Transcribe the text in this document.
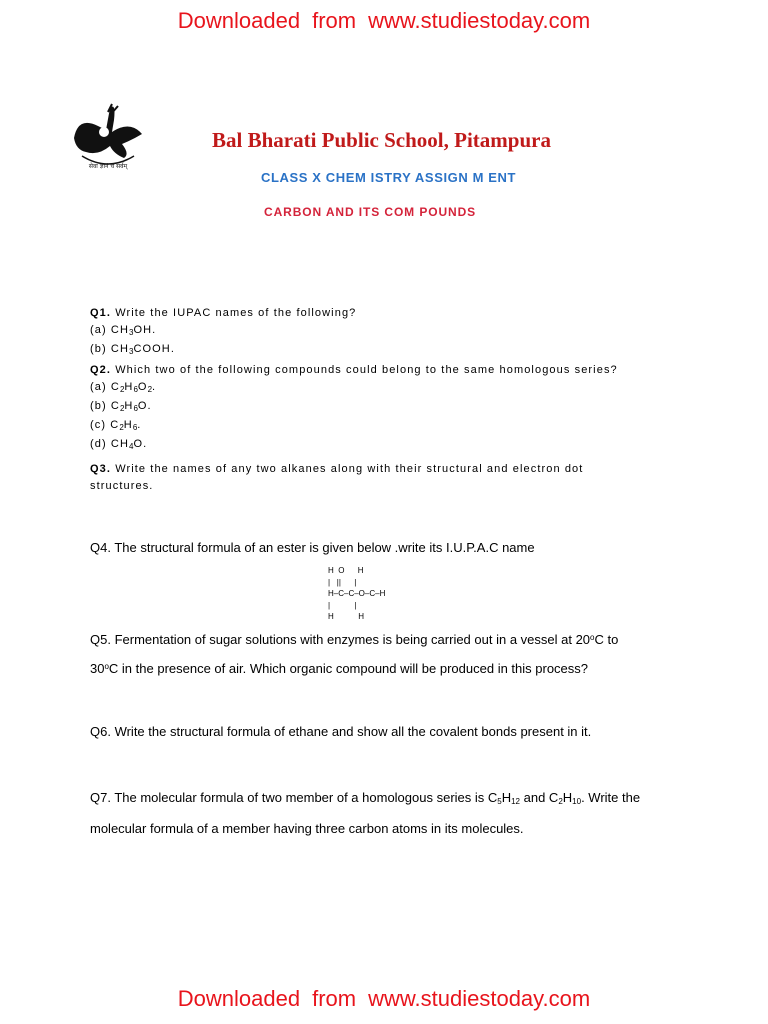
Downloaded from www.studiestoday.com
सेवा ज्ञानं च सर्वम्
Bal Bharati Public School, Pitampura
CLASS X CHEM ISTRY ASSIGN M ENT
CARBON AND ITS COM POUNDS
Q1. Write the IUPAC names of the following?
(a) $CH_3OH$.
(b) $CH_3COOH$.
Q2. Which two of the following compounds could belong to the same homologous series?
(a) $C_2H_6O_2$.
(b) $C_2H_6O$.
(c) $C_2H_6$.
(d) $CH_4O$.
Q3. Write the names of any two alkanes along with their structural and electron dot
structures.
Q4. The structural formula of an ester is given below .write its I.U.P.A.C name
H  O      H
|   ||      |
H–C–C–O–C–H
|           |
H           H
Q5. Fermentation of sugar solutions with enzymes is being carried out in a vessel at 20$^o$C to
30$^o$C in the presence of air. Which organic compound will be produced in this process?
Q6. Write the structural formula of ethane and show all the covalent bonds present in it.
Q7. The molecular formula of two member of a homologous series is $C_5H_{12}$ and $C_2H_{10}$. Write the
molecular formula of a member having three carbon atoms in its molecules.
Downloaded from www.studiestoday.com
